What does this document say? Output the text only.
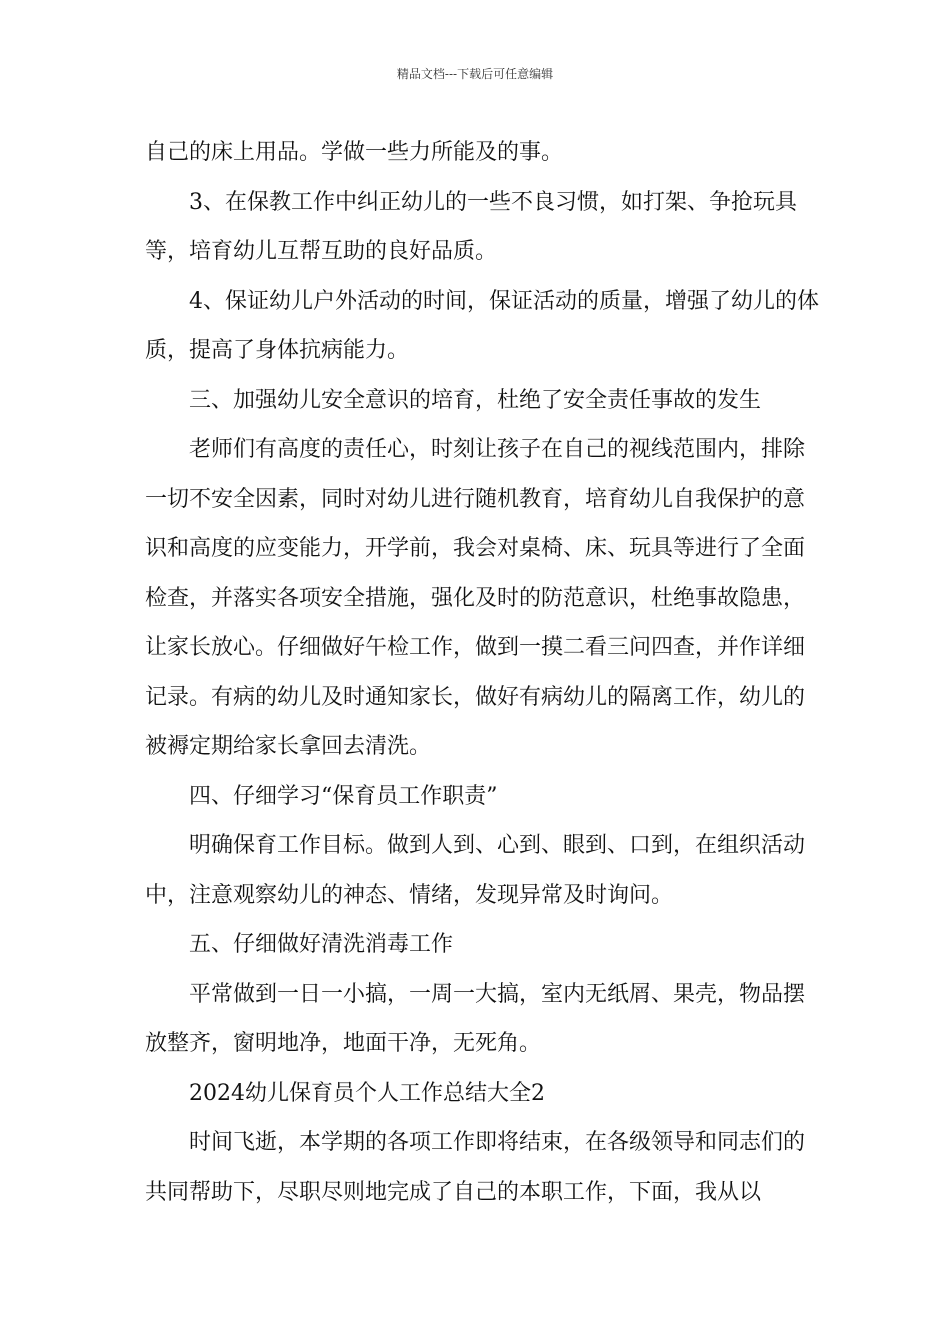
精品文档---下载后可任意编辑

自己的床上用品。学做一些力所能及的事。

3、在保教工作中纠正幼儿的一些不良习惯，如打架、争抢玩具等，培育幼儿互帮互助的良好品质。

4、保证幼儿户外活动的时间，保证活动的质量，增强了幼儿的体质，提高了身体抗病能力。

三、加强幼儿安全意识的培育，杜绝了安全责任事故的发生

老师们有高度的责任心，时刻让孩子在自己的视线范围内，排除一切不安全因素，同时对幼儿进行随机教育，培育幼儿自我保护的意识和高度的应变能力，开学前，我会对桌椅、床、玩具等进行了全面检查，并落实各项安全措施，强化及时的防范意识，杜绝事故隐患，让家长放心。仔细做好午检工作，做到一摸二看三问四查，并作详细记录。有病的幼儿及时通知家长，做好有病幼儿的隔离工作，幼儿的被褥定期给家长拿回去清洗。

四、仔细学习“保育员工作职责”

明确保育工作目标。做到人到、心到、眼到、口到，在组织活动中，注意观察幼儿的神态、情绪，发现异常及时询问。

五、仔细做好清洗消毒工作

平常做到一日一小搞，一周一大搞，室内无纸屑、果壳，物品摆放整齐，窗明地净，地面干净，无死角。

2024幼儿保育员个人工作总结大全2

时间飞逝，本学期的各项工作即将结束，在各级领导和同志们的共同帮助下，尽职尽则地完成了自己的本职工作，下面，我从以
